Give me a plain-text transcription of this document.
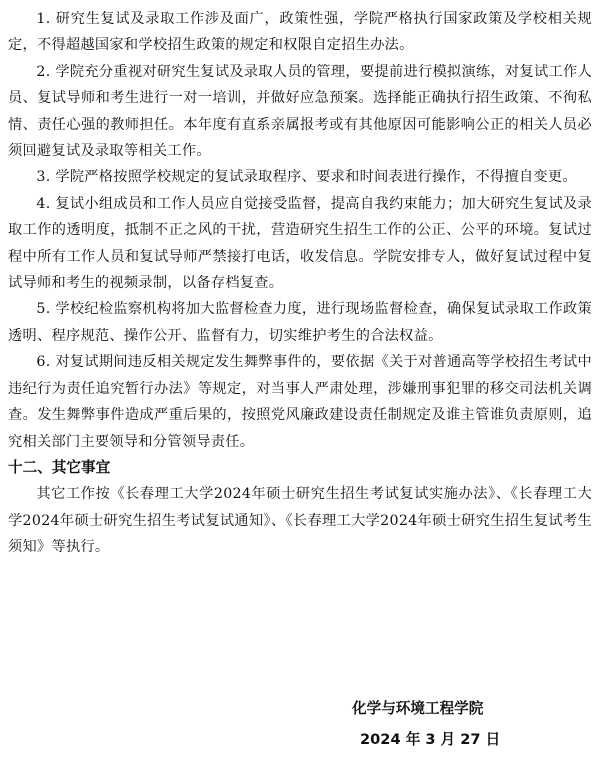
1. 研究生复试及录取工作涉及面广，政策性强，学院严格执行国家政策及学校相关规定，不得超越国家和学校招生政策的规定和权限自定招生办法。

2. 学院充分重视对研究生复试及录取人员的管理，要提前进行模拟演练，对复试工作人员、复试导师和考生进行一对一培训，并做好应急预案。选择能正确执行招生政策、不徇私情、责任心强的教师担任。本年度有直系亲属报考或有其他原因可能影响公正的相关人员必须回避复试及录取等相关工作。

3. 学院严格按照学校规定的复试录取程序、要求和时间表进行操作，不得擅自变更。

4. 复试小组成员和工作人员应自觉接受监督，提高自我约束能力；加大研究生复试及录取工作的透明度，抵制不正之风的干扰，营造研究生招生工作的公正、公平的环境。复试过程中所有工作人员和复试导师严禁接打电话，收发信息。学院安排专人，做好复试过程中复试导师和考生的视频录制，以备存档复查。

5. 学校纪检监察机构将加大监督检查力度，进行现场监督检查，确保复试录取工作政策透明、程序规范、操作公开、监督有力，切实维护考生的合法权益。

6. 对复试期间违反相关规定发生舞弊事件的，要依据《关于对普通高等学校招生考试中违纪行为责任追究暂行办法》等规定，对当事人严肃处理，涉嫌刑事犯罪的移交司法机关调查。发生舞弊事件造成严重后果的，按照党风廉政建设责任制规定及谁主管谁负责原则，追究相关部门主要领导和分管领导责任。

十二、其它事宜

其它工作按《长春理工大学2024年硕士研究生招生考试复试实施办法》、《长春理工大学2024年硕士研究生招生考试复试通知》、《长春理工大学2024年硕士研究生招生复试考生须知》等执行。

化学与环境工程学院
2024 年 3 月 27 日
